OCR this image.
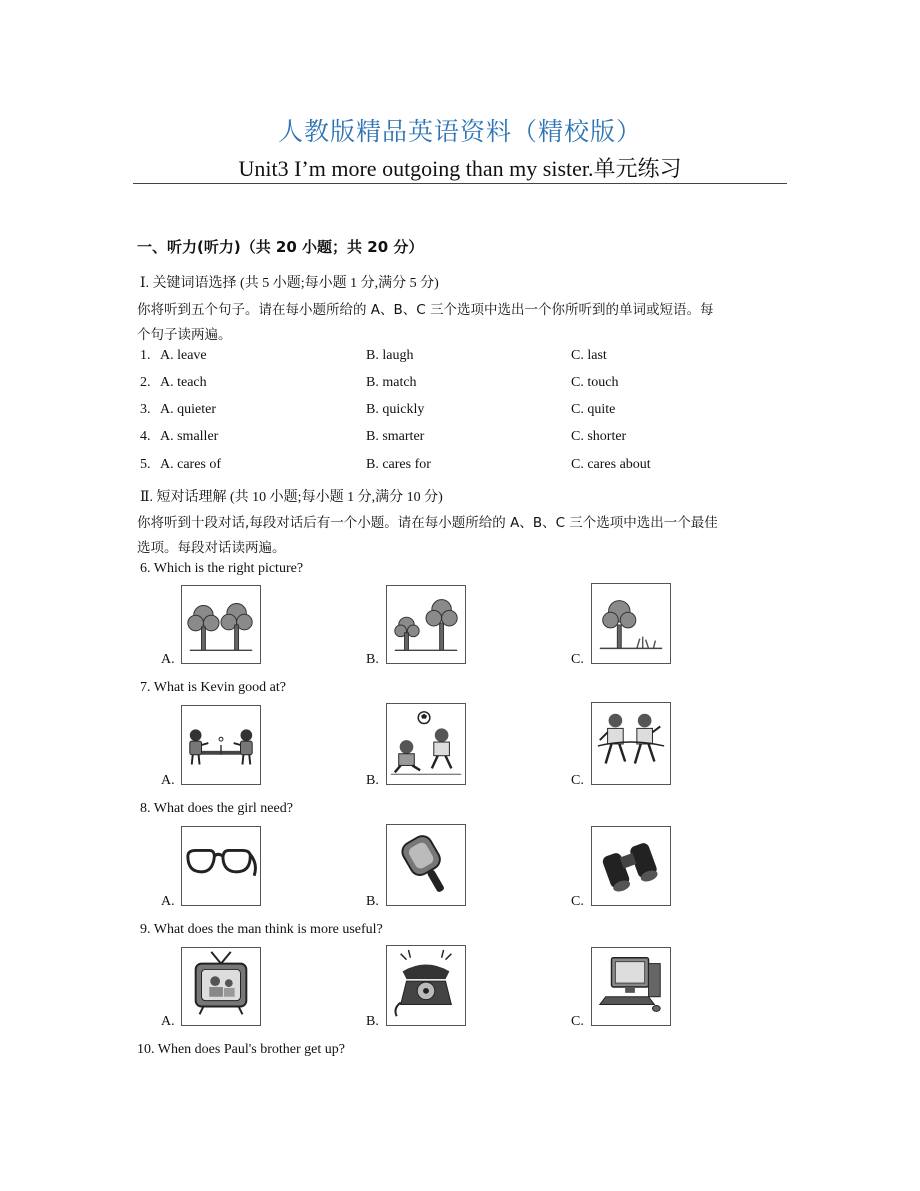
人教版精品英语资料（精校版）
Unit3 I’m more outgoing than my sister.单元练习
一、听力(听力)（共 20 小题；共 20 分）
Ⅰ. 关键词语选择 (共 5 小题;每小题 1 分,满分 5 分)
你将听到五个句子。请在每小题所给的 A、B、C 三个选项中选出一个你所听到的单词或短语。每
个句子读两遍。
1. A. leave	B. laugh	C. last
2. A. teach	B. match	C. touch
3. A. quieter	B. quickly	C. quite
4. A. smaller	B. smarter	C. shorter
5. A. cares of	B. cares for	C. cares about
Ⅱ. 短对话理解 (共 10 小题;每小题 1 分,满分 10 分)
你将听到十段对话,每段对话后有一个小题。请在每小题所给的 A、B、C 三个选项中选出一个最佳
选项。每段对话读两遍。
6. Which is the right picture?
A.	B.	C.
7. What is Kevin good at?
A.	B.	C.
8. What does the girl need?
A.	B.	C.
9. What does the man think is more useful?
A.	B.	C.
10. When does Paul's brother get up?
